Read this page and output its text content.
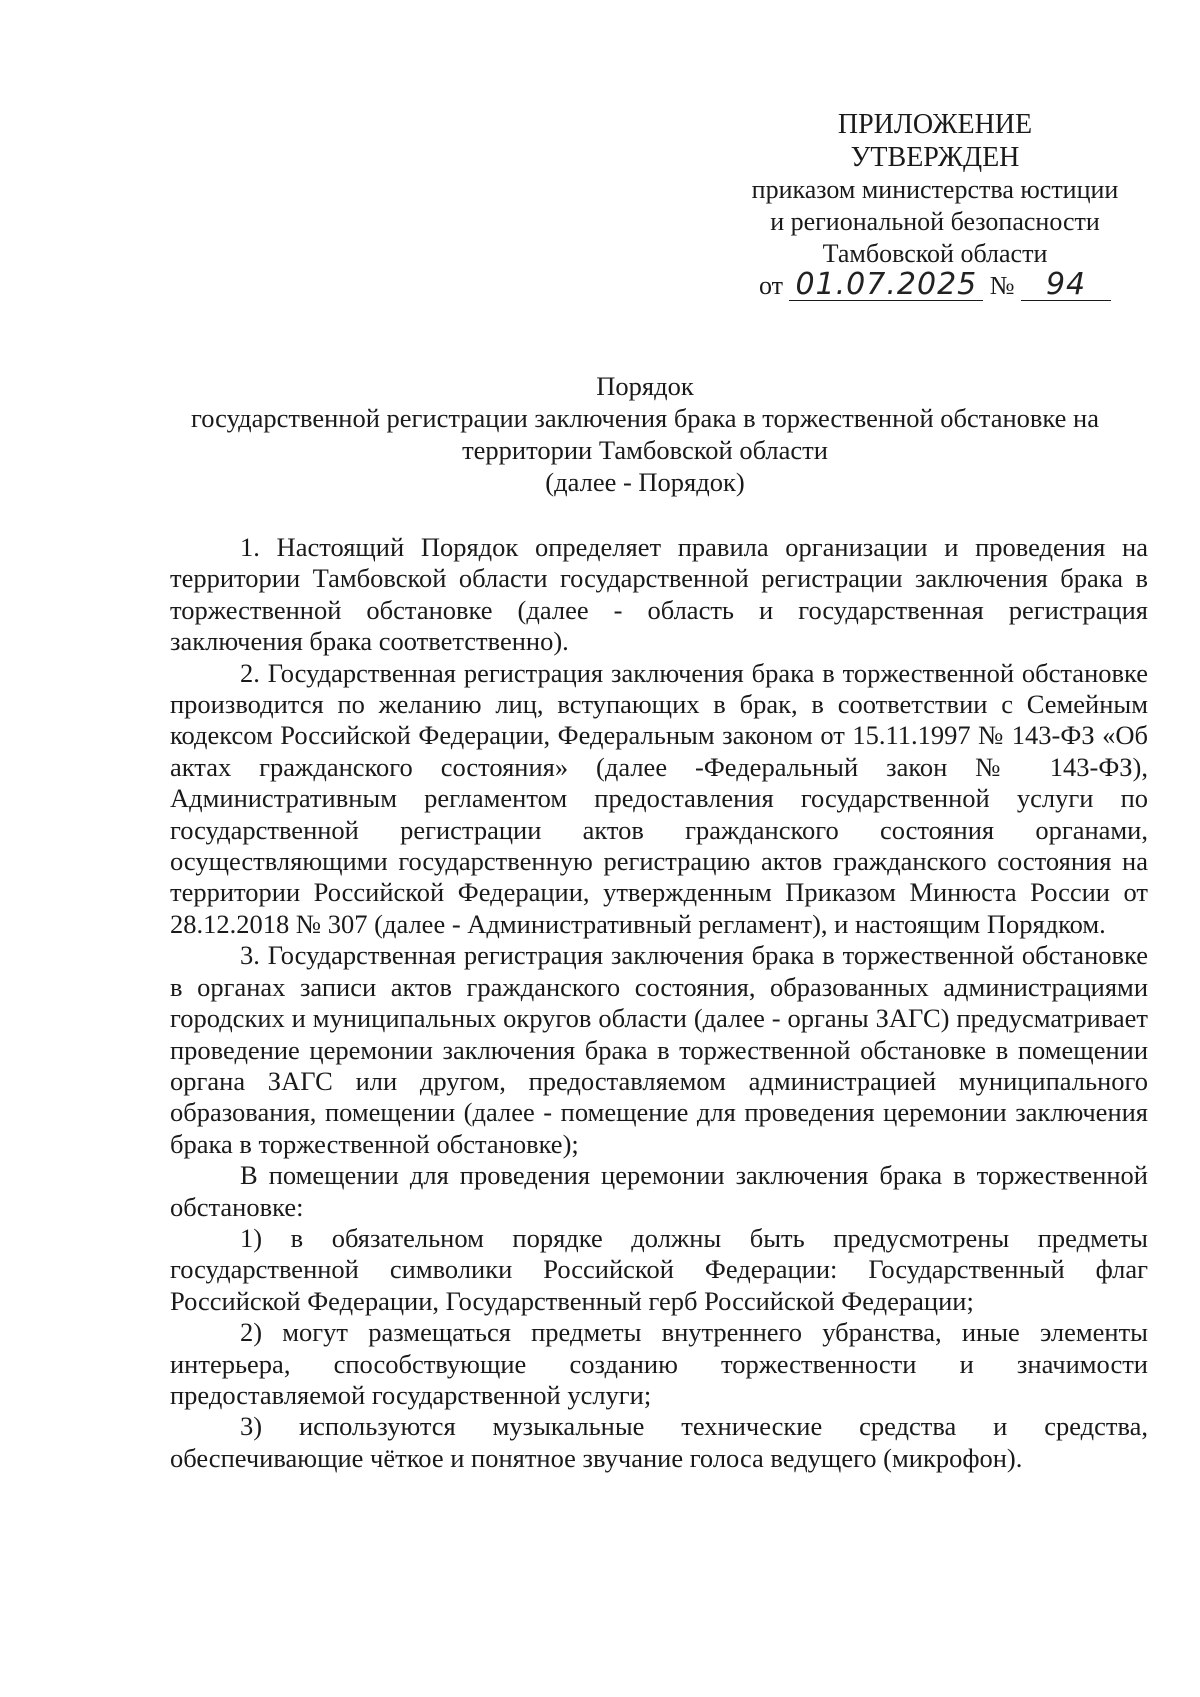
ПРИЛОЖЕНИЕ
УТВЕРЖДЕН
приказом министерства юстиции
и региональной безопасности
Тамбовской области
от 01.07.2025 № 94
Порядок
государственной регистрации заключения брака в торжественной обстановке на
территории Тамбовской области
(далее - Порядок)

1. Настоящий Порядок определяет правила организации и проведения на территории Тамбовской области государственной регистрации заключения брака в торжественной обстановке (далее - область и государственная регистрация заключения брака соответственно).

2. Государственная регистрация заключения брака в торжественной обстановке производится по желанию лиц, вступающих в брак, в соответствии с Семейным кодексом Российской Федерации, Федеральным законом от 15.11.1997 № 143-ФЗ «Об актах гражданского состояния» (далее -Федеральный закон № 143-ФЗ), Административным регламентом предоставления государственной услуги по государственной регистрации актов гражданского состояния органами, осуществляющими государственную регистрацию актов гражданского состояния на территории Российской Федерации, утвержденным Приказом Минюста России от 28.12.2018 № 307 (далее - Административный регламент), и настоящим Порядком.

3. Государственная регистрация заключения брака в торжественной обстановке в органах записи актов гражданского состояния, образованных администрациями городских и муниципальных округов области (далее - органы ЗАГС) предусматривает проведение церемонии заключения брака в торжественной обстановке в помещении органа ЗАГС или другом, предоставляемом администрацией муниципального образования, помещении (далее - помещение для проведения церемонии заключения брака в торжественной обстановке);

В помещении для проведения церемонии заключения брака в торжественной обстановке:

1) в обязательном порядке должны быть предусмотрены предметы государственной символики Российской Федерации: Государственный флаг Российской Федерации, Государственный герб Российской Федерации;

2) могут размещаться предметы внутреннего убранства, иные элементы интерьера, способствующие созданию торжественности и значимости предоставляемой государственной услуги;

3) используются музыкальные технические средства и средства, обеспечивающие чёткое и понятное звучание голоса ведущего (микрофон).
